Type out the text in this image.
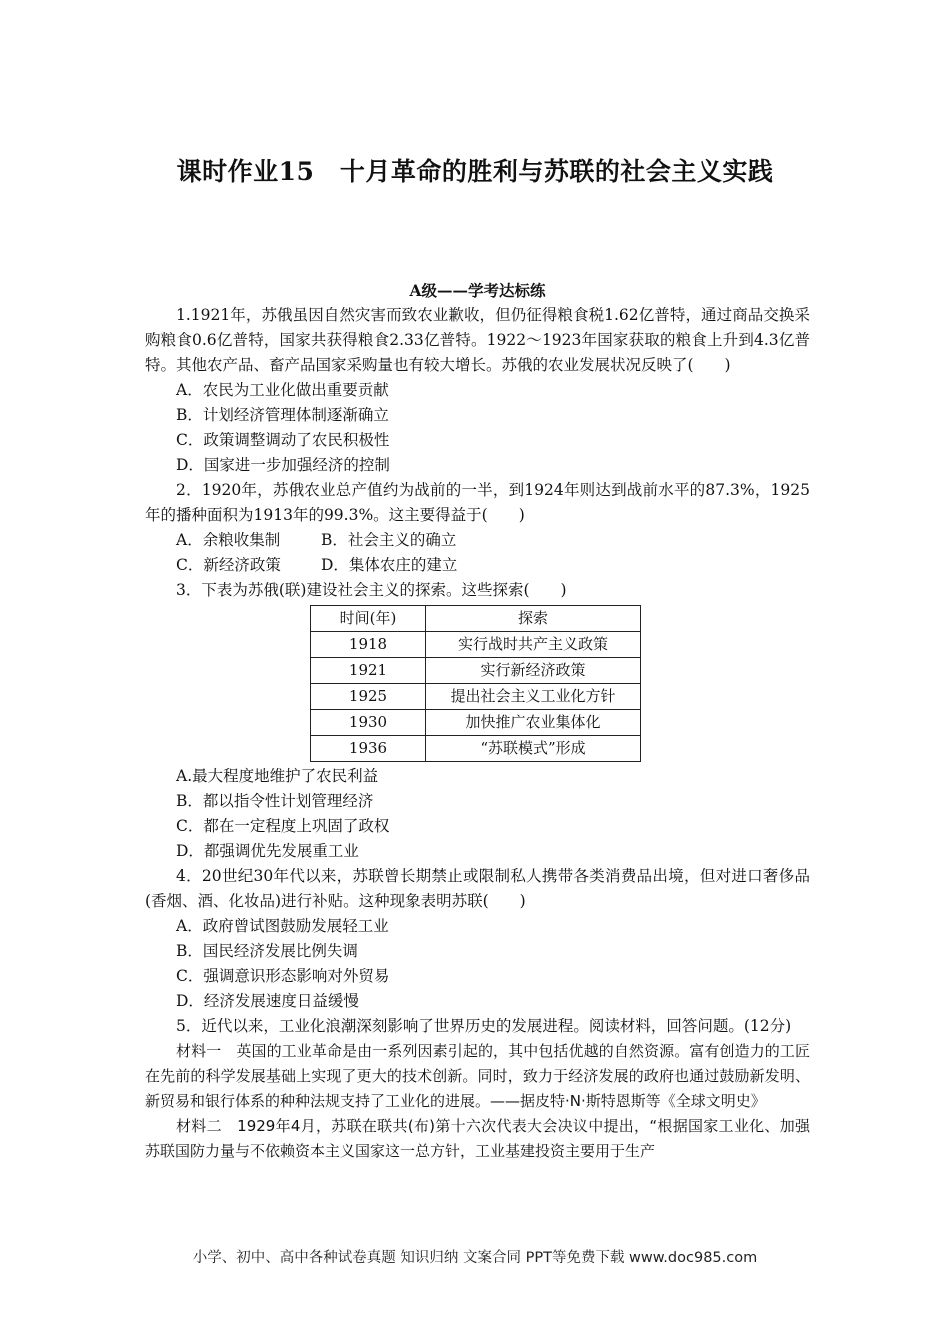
课时作业15　十月革命的胜利与苏联的社会主义实践

A级——学考达标练

1.1921年，苏俄虽因自然灾害而致农业歉收，但仍征得粮食税1.62亿普特，通过商品交换采购粮食0.6亿普特，国家共获得粮食2.33亿普特。1922～1923年国家获取的粮食上升到4.3亿普特。其他农产品、畜产品国家采购量也有较大增长。苏俄的农业发展状况反映了(　　)

A．农民为工业化做出重要贡献

B．计划经济管理体制逐渐确立

C．政策调整调动了农民积极性

D．国家进一步加强经济的控制

2．1920年，苏俄农业总产值约为战前的一半，到1924年则达到战前水平的87.3%，1925年的播种面积为1913年的99.3%。这主要得益于(　　)

A．余粮收集制	B．社会主义的确立
C．新经济政策	D．集体农庄的建立

3．下表为苏俄(联)建设社会主义的探索。这些探索(　　)

时间(年)	探索
1918	实行战时共产主义政策
1921	实行新经济政策
1925	提出社会主义工业化方针
1930	加快推广农业集体化
1936	“苏联模式”形成

A.最大程度地维护了农民利益

B．都以指令性计划管理经济

C．都在一定程度上巩固了政权

D．都强调优先发展重工业

4．20世纪30年代以来，苏联曾长期禁止或限制私人携带各类消费品出境，但对进口奢侈品(香烟、酒、化妆品)进行补贴。这种现象表明苏联(　　)

A．政府曾试图鼓励发展轻工业

B．国民经济发展比例失调

C．强调意识形态影响对外贸易

D．经济发展速度日益缓慢

5．近代以来，工业化浪潮深刻影响了世界历史的发展进程。阅读材料，回答问题。(12分)

材料一　英国的工业革命是由一系列因素引起的，其中包括优越的自然资源。富有创造力的工匠在先前的科学发展基础上实现了更大的技术创新。同时，致力于经济发展的政府也通过鼓励新发明、新贸易和银行体系的种种法规支持了工业化的进展。——据皮特·N·斯特恩斯等《全球文明史》

材料二　1929年4月，苏联在联共(布)第十六次代表大会决议中提出，“根据国家工业化、加强苏联国防力量与不依赖资本主义国家这一总方针，工业基建投资主要用于生产

小学、初中、高中各种试卷真题 知识归纳 文案合同 PPT等免费下载 www.doc985.com
